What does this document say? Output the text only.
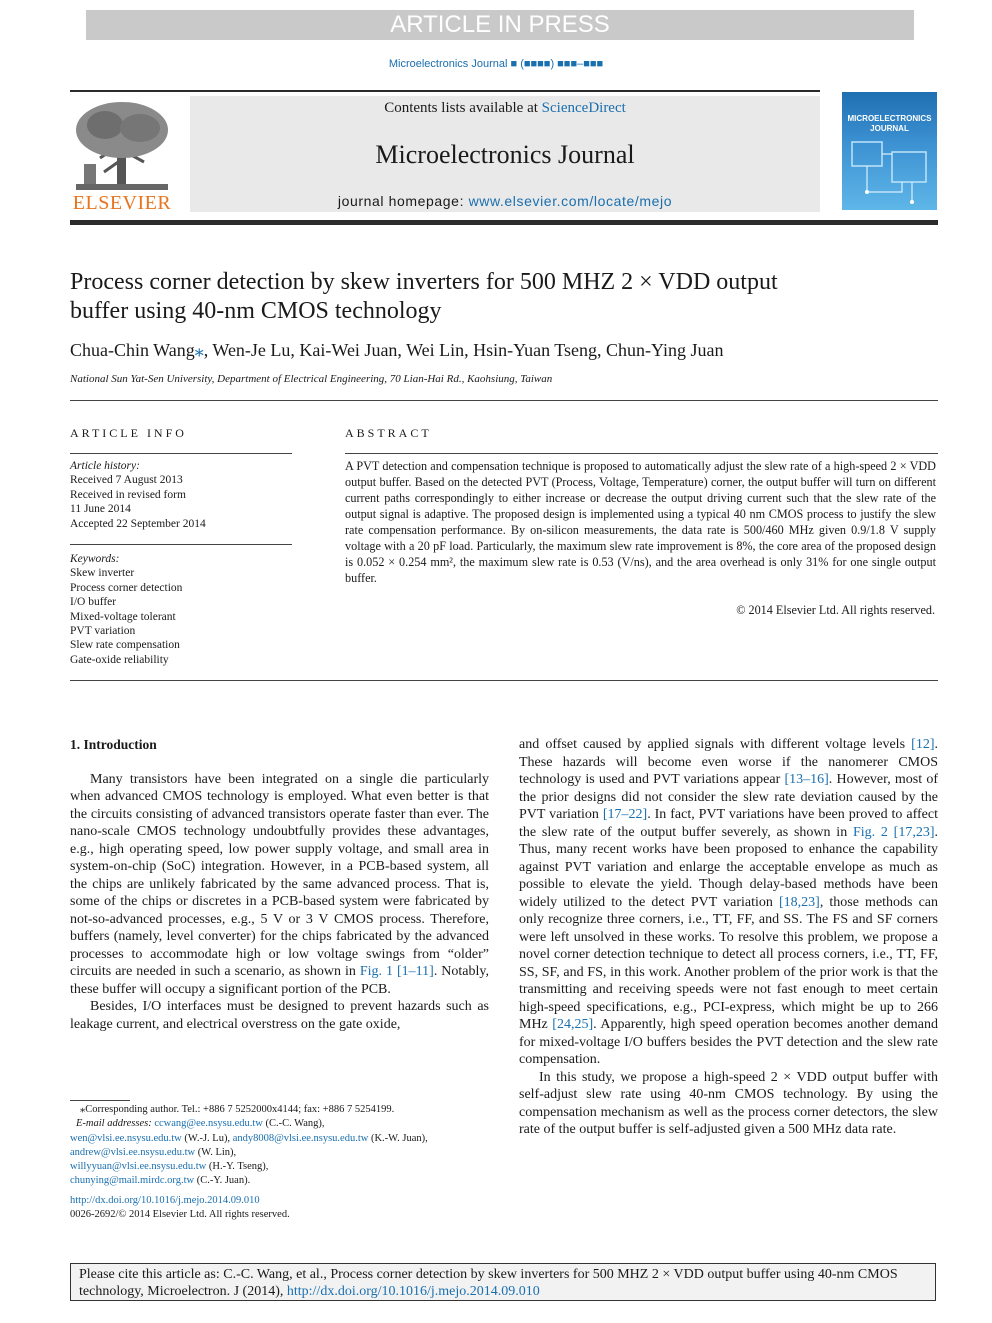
ARTICLE IN PRESS
Microelectronics Journal ■ (■■■■) ■■■–■■■
ELSEVIER
Contents lists available at ScienceDirect
Microelectronics Journal
journal homepage: www.elsevier.com/locate/mejo
MICROELECTRONICS
JOURNAL
Process corner detection by skew inverters for 500 MHZ 2 × VDD output buffer using 40-nm CMOS technology
Chua-Chin Wang⁎, Wen-Je Lu, Kai-Wei Juan, Wei Lin, Hsin-Yuan Tseng, Chun-Ying Juan
National Sun Yat-Sen University, Department of Electrical Engineering, 70 Lian-Hai Rd., Kaohsiung, Taiwan
ARTICLE INFO
Article history:
Received 7 August 2013
Received in revised form
11 June 2014
Accepted 22 September 2014
Keywords:
Skew inverter
Process corner detection
I/O buffer
Mixed-voltage tolerant
PVT variation
Slew rate compensation
Gate-oxide reliability
ABSTRACT
A PVT detection and compensation technique is proposed to automatically adjust the slew rate of a high-speed 2 × VDD output buffer. Based on the detected PVT (Process, Voltage, Temperature) corner, the output buffer will turn on different current paths correspondingly to either increase or decrease the output driving current such that the slew rate of the output signal is adaptive. The proposed design is implemented using a typical 40 nm CMOS process to justify the slew rate compensation performance. By on-silicon measurements, the data rate is 500/460 MHz given 0.9/1.8 V supply voltage with a 20 pF load. Particularly, the maximum slew rate improvement is 8%, the core area of the proposed design is 0.052 × 0.254 mm², the maximum slew rate is 0.53 (V/ns), and the area overhead is only 31% for one single output buffer.
© 2014 Elsevier Ltd. All rights reserved.

1. Introduction

Many transistors have been integrated on a single die particularly when advanced CMOS technology is employed. What even better is that the circuits consisting of advanced transistors operate faster than ever. The nano-scale CMOS technology undoubtfully provides these advantages, e.g., high operating speed, low power supply voltage, and small area in system-on-chip (SoC) integration. However, in a PCB-based system, all the chips are unlikely fabricated by the same advanced process. That is, some of the chips or discretes in a PCB-based system were fabricated by not-so-advanced processes, e.g., 5 V or 3 V CMOS process. Therefore, buffers (namely, level converter) for the chips fabricated by the advanced processes to accommodate high or low voltage swings from “older” circuits are needed in such a scenario, as shown in Fig. 1 [1–11]. Notably, these buffer will occupy a significant portion of the PCB.

Besides, I/O interfaces must be designed to prevent hazards such as leakage current, and electrical overstress on the gate oxide,

and offset caused by applied signals with different voltage levels [12]. These hazards will become even worse if the nanomerer CMOS technology is used and PVT variations appear [13–16]. However, most of the prior designs did not consider the slew rate deviation caused by the PVT variation [17–22]. In fact, PVT variations have been proved to affect the slew rate of the output buffer severely, as shown in Fig. 2 [17,23]. Thus, many recent works have been proposed to enhance the capability against PVT variation and enlarge the acceptable envelope as much as possible to elevate the yield. Though delay-based methods have been widely utilized to the detect PVT variation [18,23], those methods can only recognize three corners, i.e., TT, FF, and SS. The FS and SF corners were left unsolved in these works. To resolve this problem, we propose a novel corner detection technique to detect all process corners, i.e., TT, FF, SS, SF, and FS, in this work. Another problem of the prior work is that the transmitting and receiving speeds were not fast enough to meet certain high-speed specifications, e.g., PCI-express, which might be up to 266 MHz [24,25]. Apparently, high speed operation becomes another demand for mixed-voltage I/O buffers besides the PVT detection and the slew rate compensation.

In this study, we propose a high-speed 2 × VDD output buffer with self-adjust slew rate using 40-nm CMOS technology. By using the compensation mechanism as well as the process corner detectors, the slew rate of the output buffer is self-adjusted given a 500 MHz data rate.

⁎Corresponding author. Tel.: +886 7 5252000x4144; fax: +886 7 5254199.
E-mail addresses: ccwang@ee.nsysu.edu.tw (C.-C. Wang),
wen@vlsi.ee.nsysu.edu.tw (W.-J. Lu), andy8008@vlsi.ee.nsysu.edu.tw (K.-W. Juan),
andrew@vlsi.ee.nsysu.edu.tw (W. Lin),
willyyuan@vlsi.ee.nsysu.edu.tw (H.-Y. Tseng),
chunying@mail.mirdc.org.tw (C.-Y. Juan).
http://dx.doi.org/10.1016/j.mejo.2014.09.010
0026-2692/© 2014 Elsevier Ltd. All rights reserved.
Please cite this article as: C.-C. Wang, et al., Process corner detection by skew inverters for 500 MHZ 2 × VDD output buffer using 40-nm CMOS technology, Microelectron. J (2014), http://dx.doi.org/10.1016/j.mejo.2014.09.010
